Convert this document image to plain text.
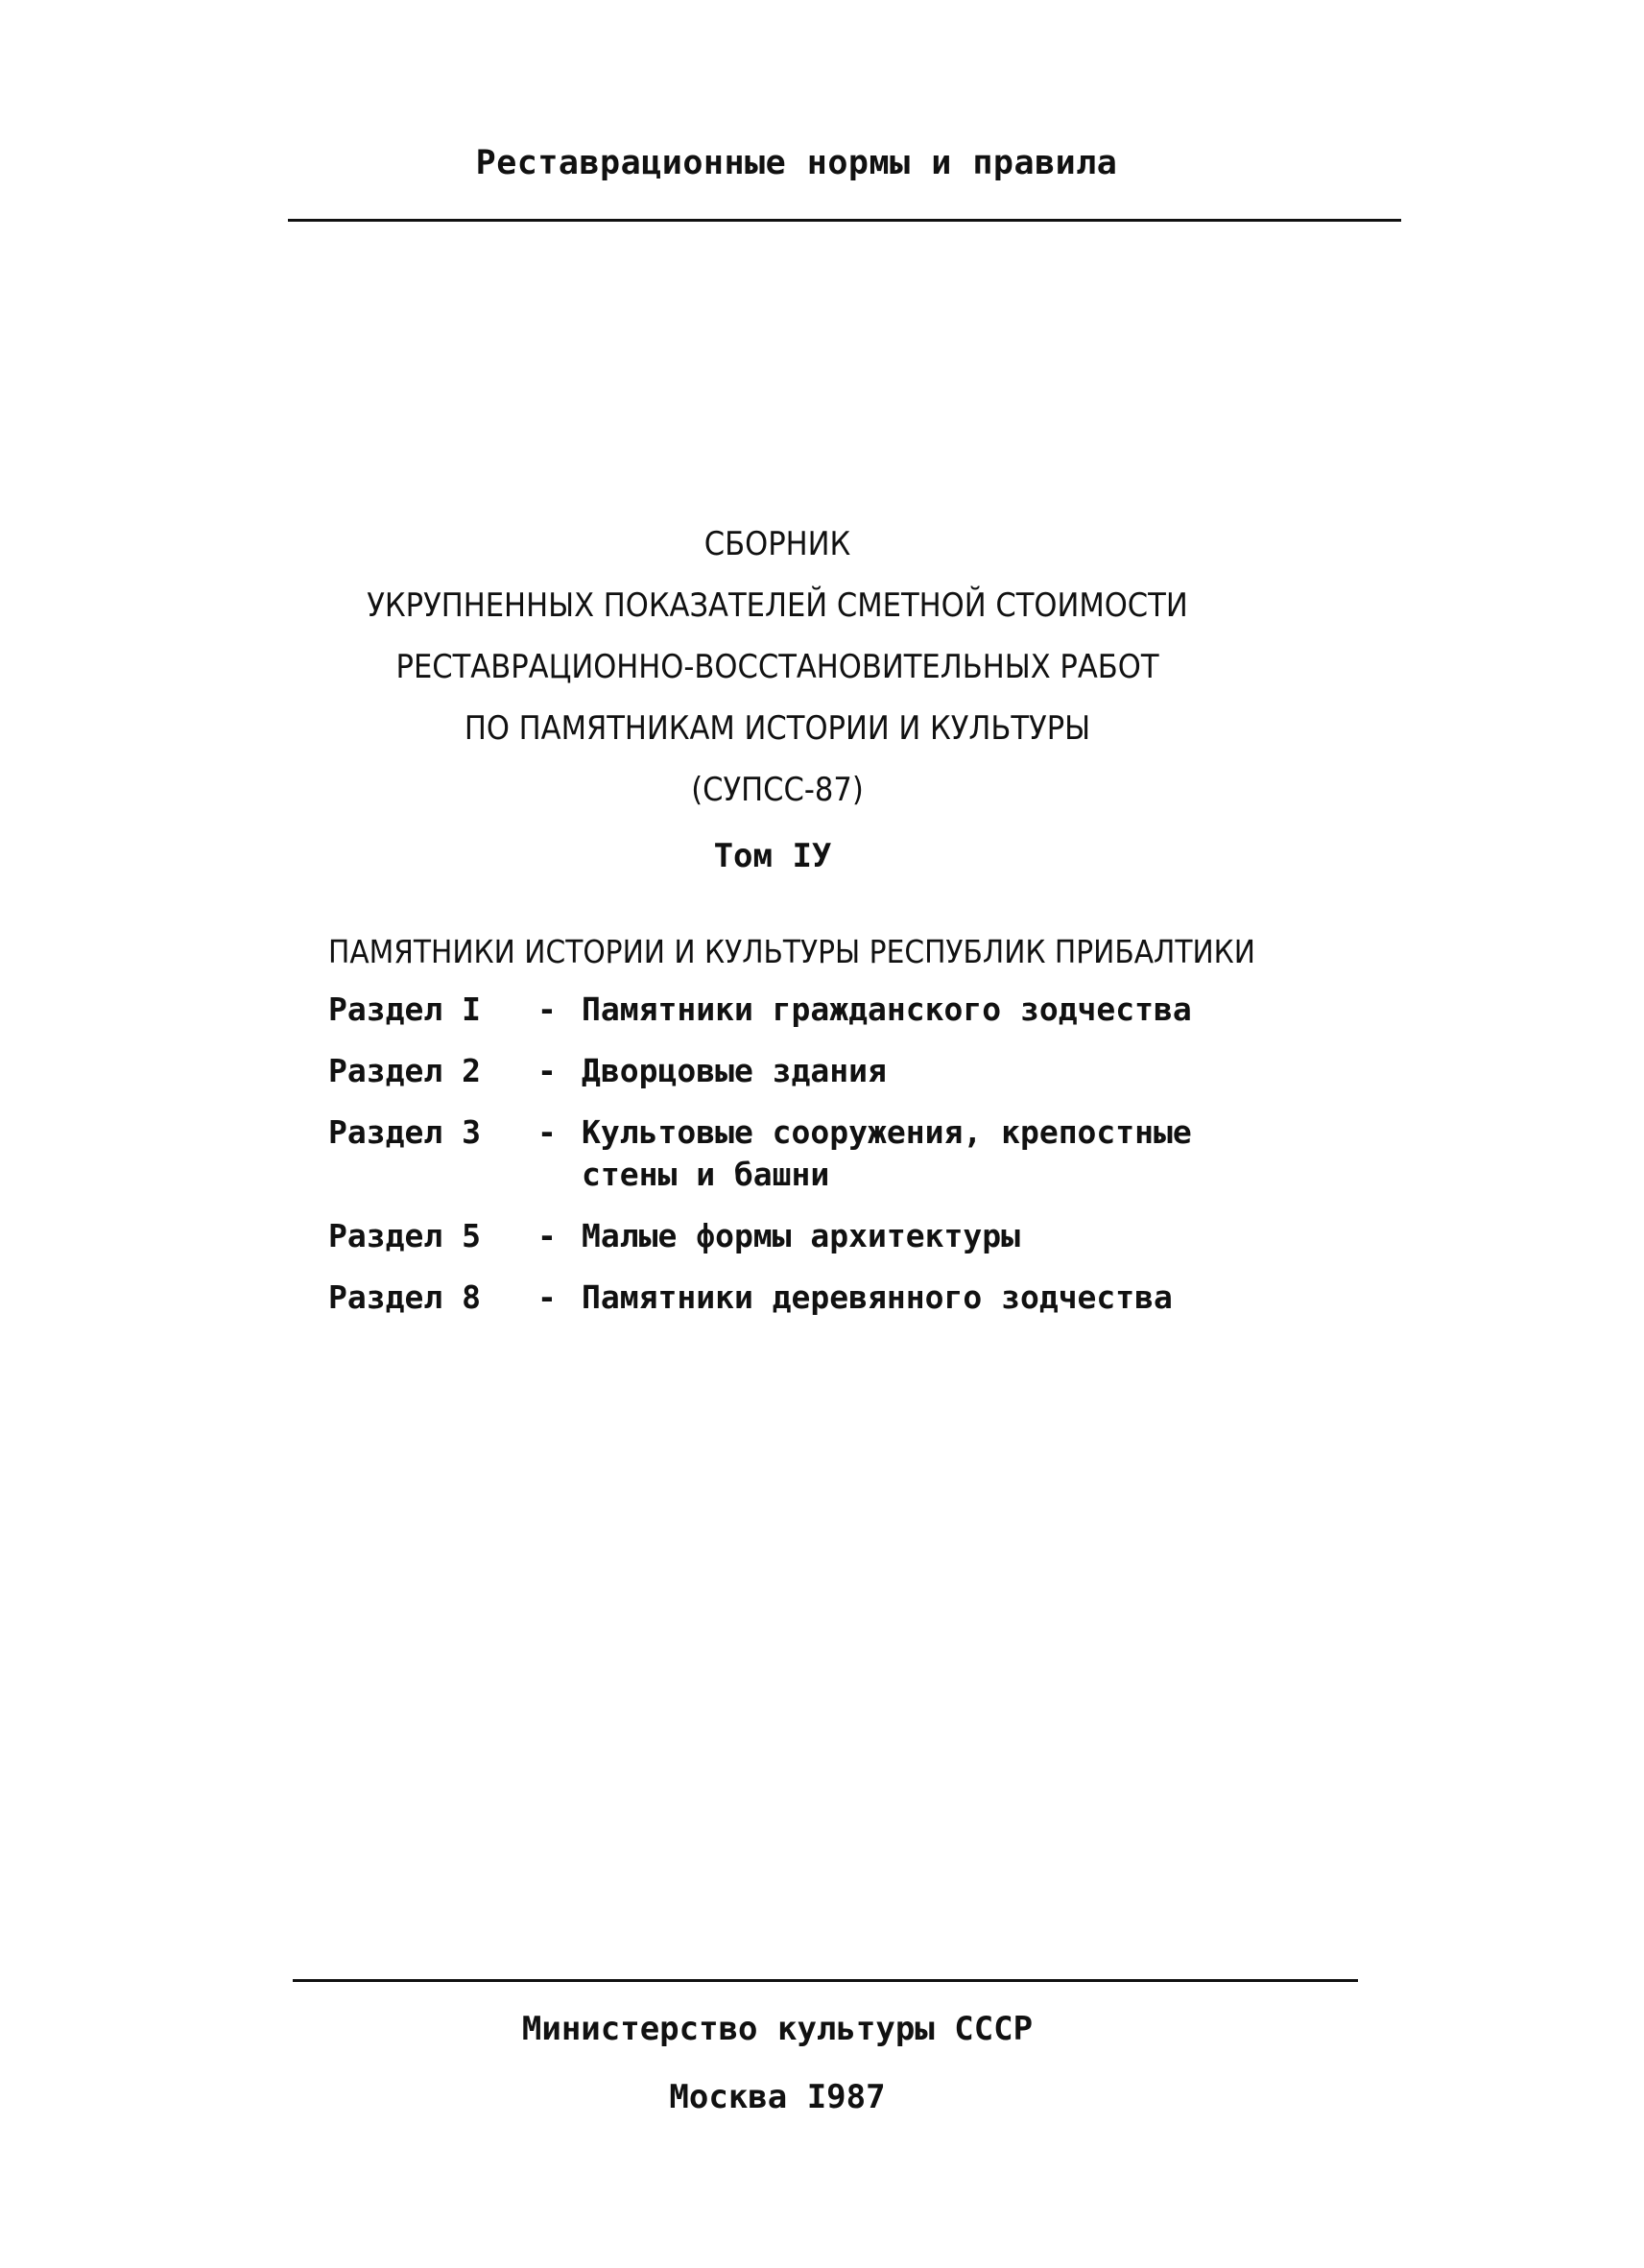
Реставрационные нормы и правила
СБОРНИК
УКРУПНЕННЫХ ПОКАЗАТЕЛЕЙ СМЕТНОЙ СТОИМОСТИ
РЕСТАВРАЦИОННО-ВОССТАНОВИТЕЛЬНЫХ РАБОТ
ПО ПАМЯТНИКАМ ИСТОРИИ И КУЛЬТУРЫ
(СУПСС-87)
Том IУ
ПАМЯТНИКИ ИСТОРИИ И КУЛЬТУРЫ РЕСПУБЛИК ПРИБАЛТИКИ
Раздел I	- Памятники гражданского зодчества
Раздел 2	- Дворцовые здания
Раздел 3	- Культовые сооружения, крепостные стены и башни
Раздел 5	- Малые формы архитектуры
Раздел 8	- Памятники деревянного зодчества
Министерство культуры СССР
Москва I987
